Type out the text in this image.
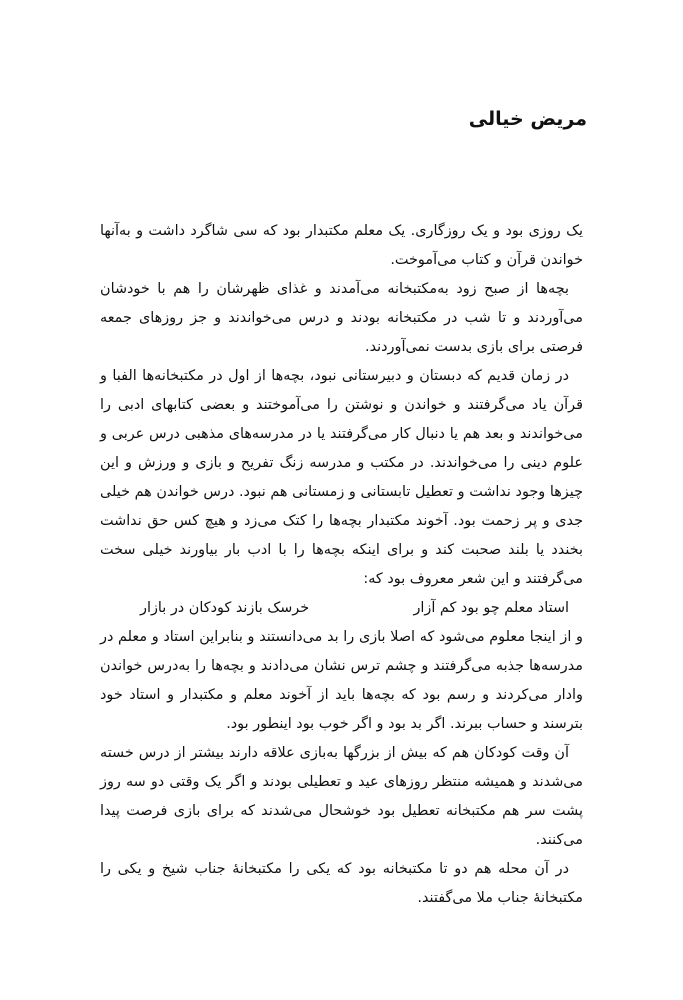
مریض خیالی

یک روزی بود و یک روزگاری. یک معلم مکتبدار بود که سی شاگرد داشت و به‌آنها خواندن قرآن و کتاب می‌آموخت.

بچه‌ها از صبح زود به‌مکتبخانه می‌آمدند و غذای ظهرشان را هم با خودشان می‌آوردند و تا شب در مکتبخانه بودند و درس می‌خواندند و جز روزهای جمعه فرصتی برای بازی بدست نمی‌آوردند.

در زمان قدیم که دبستان و دبیرستانی نبود، بچه‌ها از اول در مکتبخانه‌ها الفبا و قرآن یاد می‌گرفتند و خواندن و نوشتن را می‌آموختند و بعضی کتابهای ادبی را می‌خواندند و بعد هم یا دنبال کار می‌گرفتند یا در مدرسه‌های مذهبی درس عربی و علوم دینی را می‌خواندند. در مکتب و مدرسه زنگ تفریح و بازی و ورزش و این چیزها وجود نداشت و تعطیل تابستانی و زمستانی هم نبود. درس خواندن هم خیلی جدی و پر زحمت بود. آخوند مکتبدار بچه‌ها را کتک می‌زد و هیچ کس حق نداشت بخندد یا بلند صحبت کند و برای اینکه بچه‌ها را با ادب بار بیاورند خیلی سخت می‌گرفتند و این شعر معروف بود که:

استاد معلم چو بود کم آزار
خرسک بازند کودکان در بازار

و از اینجا معلوم می‌شود که اصلا بازی را بد می‌دانستند و بنابراین استاد و معلم در مدرسه‌ها جذبه می‌گرفتند و چشم ترس نشان می‌دادند و بچه‌ها را به‌درس خواندن وادار می‌کردند و رسم بود که بچه‌ها باید از آخوند معلم و مکتبدار و استاد خود بترسند و حساب ببرند. اگر بد بود و اگر خوب بود اینطور بود.

آن وقت کودکان هم که بیش از بزرگها به‌بازی علاقه دارند بیشتر از درس خسته می‌شدند و همیشه منتظر روزهای عید و تعطیلی بودند و اگر یک وقتی دو سه روز پشت سر هم مکتبخانه تعطیل بود خوشحال می‌شدند که برای بازی فرصت پیدا می‌کنند.

در آن محله هم دو تا مکتبخانه بود که یکی را مکتبخانهٔ جناب شیخ و یکی را مکتبخانهٔ جناب ملا می‌گفتند.
